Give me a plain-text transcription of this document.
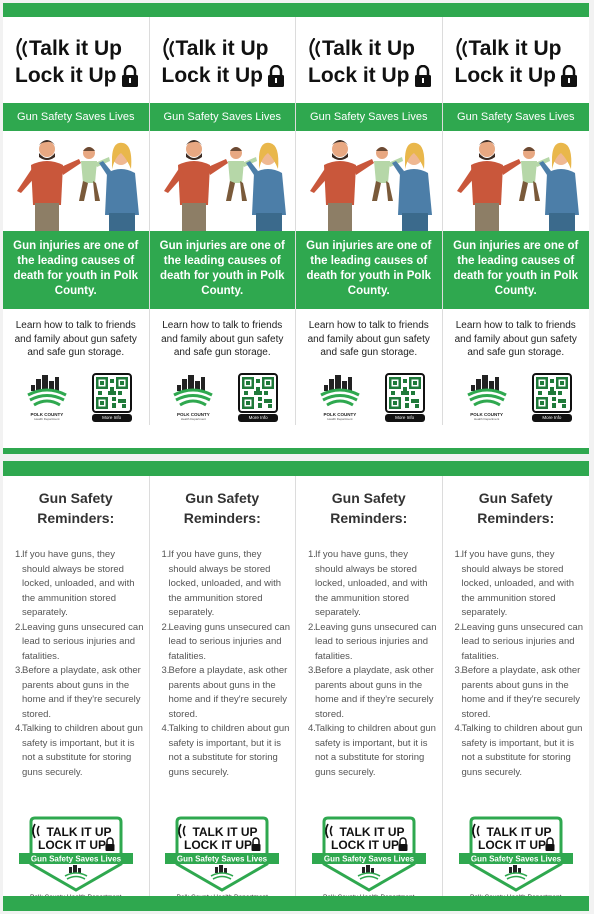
Talk it Up
Lock it Up
Gun Safety Saves Lives
Gun injuries are one of the leading causes of death for youth in Polk County.
Learn how to talk to friends and family about gun safety and safe gun storage.
POLK COUNTY
Health Department	More Info
Talk it Up
Lock it Up
Gun Safety Saves Lives
Gun injuries are one of the leading causes of death for youth in Polk County.
Learn how to talk to friends and family about gun safety and safe gun storage.
POLK COUNTY
Health Department	More Info
Talk it Up
Lock it Up
Gun Safety Saves Lives
Gun injuries are one of the leading causes of death for youth in Polk County.
Learn how to talk to friends and family about gun safety and safe gun storage.
POLK COUNTY
Health Department	More Info
Talk it Up
Lock it Up
Gun Safety Saves Lives
Gun injuries are one of the leading causes of death for youth in Polk County.
Learn how to talk to friends and family about gun safety and safe gun storage.
POLK COUNTY
Health Department	More Info
Gun Safety Reminders:
1. If you have guns, they should always be stored locked, unloaded, and with the ammunition stored separately.
2. Leaving guns unsecured can lead to serious injuries and fatalities.
3. Before a playdate, ask other parents about guns in the home and if they're securely stored.
4. Talking to children about gun safety is important, but it is not a substitute for storing guns securely.
TALK IT UP
LOCK IT UP
Gun Safety Saves Lives
Gun Safety Reminders:
1. If you have guns, they should always be stored locked, unloaded, and with the ammunition stored separately.
2. Leaving guns unsecured can lead to serious injuries and fatalities.
3. Before a playdate, ask other parents about guns in the home and if they're securely stored.
4. Talking to children about gun safety is important, but it is not a substitute for storing guns securely.
TALK IT UP
LOCK IT UP
Gun Safety Saves Lives
Gun Safety Reminders:
1. If you have guns, they should always be stored locked, unloaded, and with the ammunition stored separately.
2. Leaving guns unsecured can lead to serious injuries and fatalities.
3. Before a playdate, ask other parents about guns in the home and if they're securely stored.
4. Talking to children about gun safety is important, but it is not a substitute for storing guns securely.
TALK IT UP
LOCK IT UP
Gun Safety Saves Lives
Gun Safety Reminders:
1. If you have guns, they should always be stored locked, unloaded, and with the ammunition stored separately.
2. Leaving guns unsecured can lead to serious injuries and fatalities.
3. Before a playdate, ask other parents about guns in the home and if they're securely stored.
4. Talking to children about gun safety is important, but it is not a substitute for storing guns securely.
TALK IT UP
LOCK IT UP
Gun Safety Saves Lives
